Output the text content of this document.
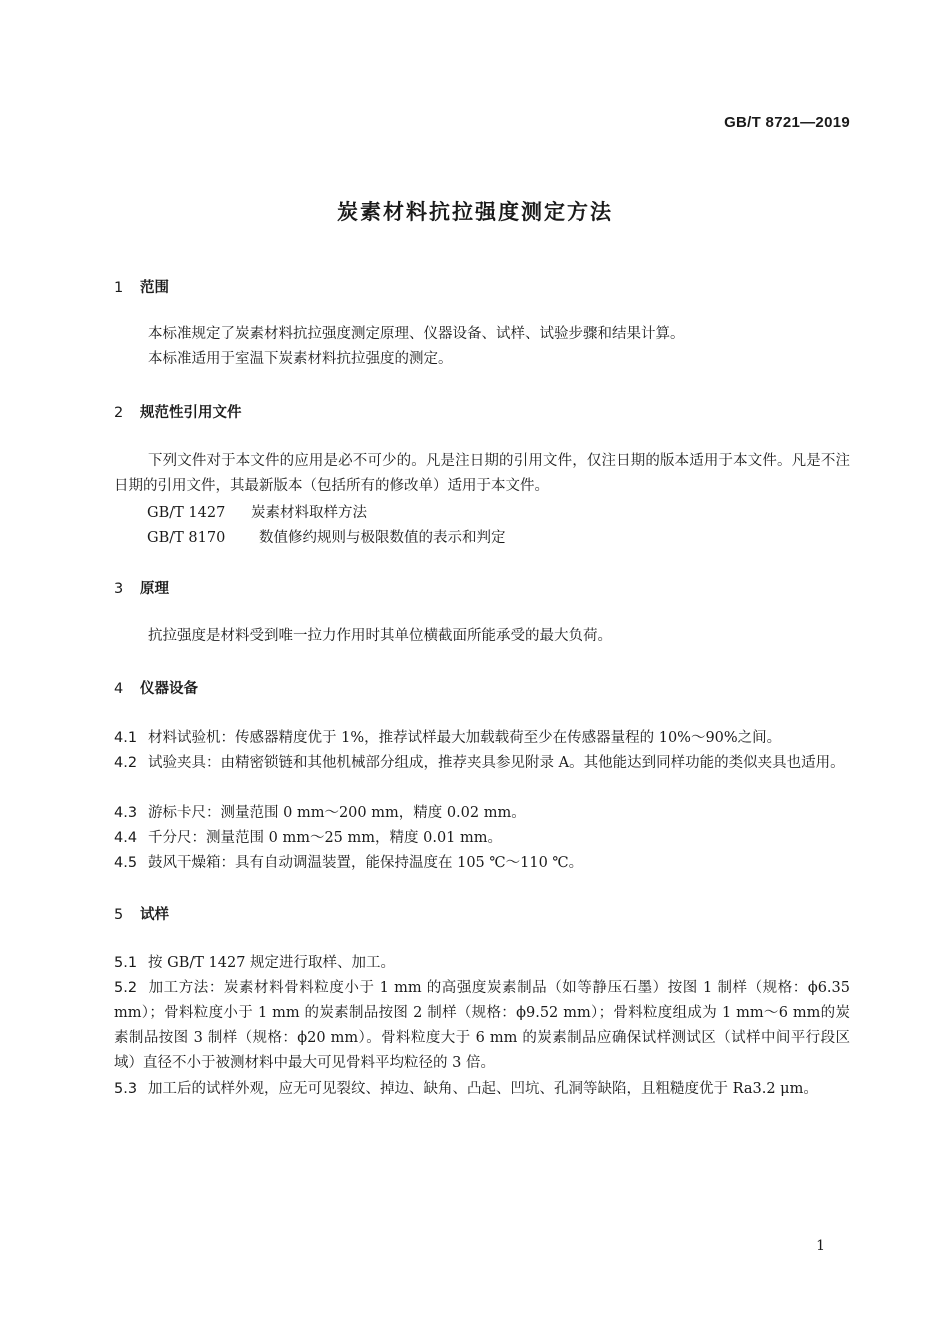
GB/T 8721—2019
炭素材料抗拉强度测定方法
1 范围
本标准规定了炭素材料抗拉强度测定原理、仪器设备、试样、试验步骤和结果计算。
本标准适用于室温下炭素材料抗拉强度的测定。
2 规范性引用文件
下列文件对于本文件的应用是必不可少的。凡是注日期的引用文件，仅注日期的版本适用于本文件。凡是不注日期的引用文件，其最新版本（包括所有的修改单）适用于本文件。
GB/T 1427 炭素材料取样方法
GB/T 8170 数值修约规则与极限数值的表示和判定
3 原理
抗拉强度是材料受到唯一拉力作用时其单位横截面所能承受的最大负荷。
4 仪器设备
4.1 材料试验机：传感器精度优于 1%，推荐试样最大加载载荷至少在传感器量程的 10%～90%之间。
4.2 试验夹具：由精密锁链和其他机械部分组成，推荐夹具参见附录 A。其他能达到同样功能的类似夹具也适用。
4.3 游标卡尺：测量范围 0 mm～200 mm，精度 0.02 mm。
4.4 千分尺：测量范围 0 mm～25 mm，精度 0.01 mm。
4.5 鼓风干燥箱：具有自动调温装置，能保持温度在 105 ℃～110 ℃。
5 试样
5.1 按 GB/T 1427 规定进行取样、加工。
5.2 加工方法：炭素材料骨料粒度小于 1 mm 的高强度炭素制品（如等静压石墨）按图 1 制样（规格：ϕ6.35 mm）；骨料粒度小于 1 mm 的炭素制品按图 2 制样（规格：ϕ9.52 mm）；骨料粒度组成为 1 mm～6 mm的炭素制品按图 3 制样（规格：ϕ20 mm）。骨料粒度大于 6 mm 的炭素制品应确保试样测试区（试样中间平行段区域）直径不小于被测材料中最大可见骨料平均粒径的 3 倍。
5.3 加工后的试样外观，应无可见裂纹、掉边、缺角、凸起、凹坑、孔洞等缺陷，且粗糙度优于 Ra3.2 μm。
1
